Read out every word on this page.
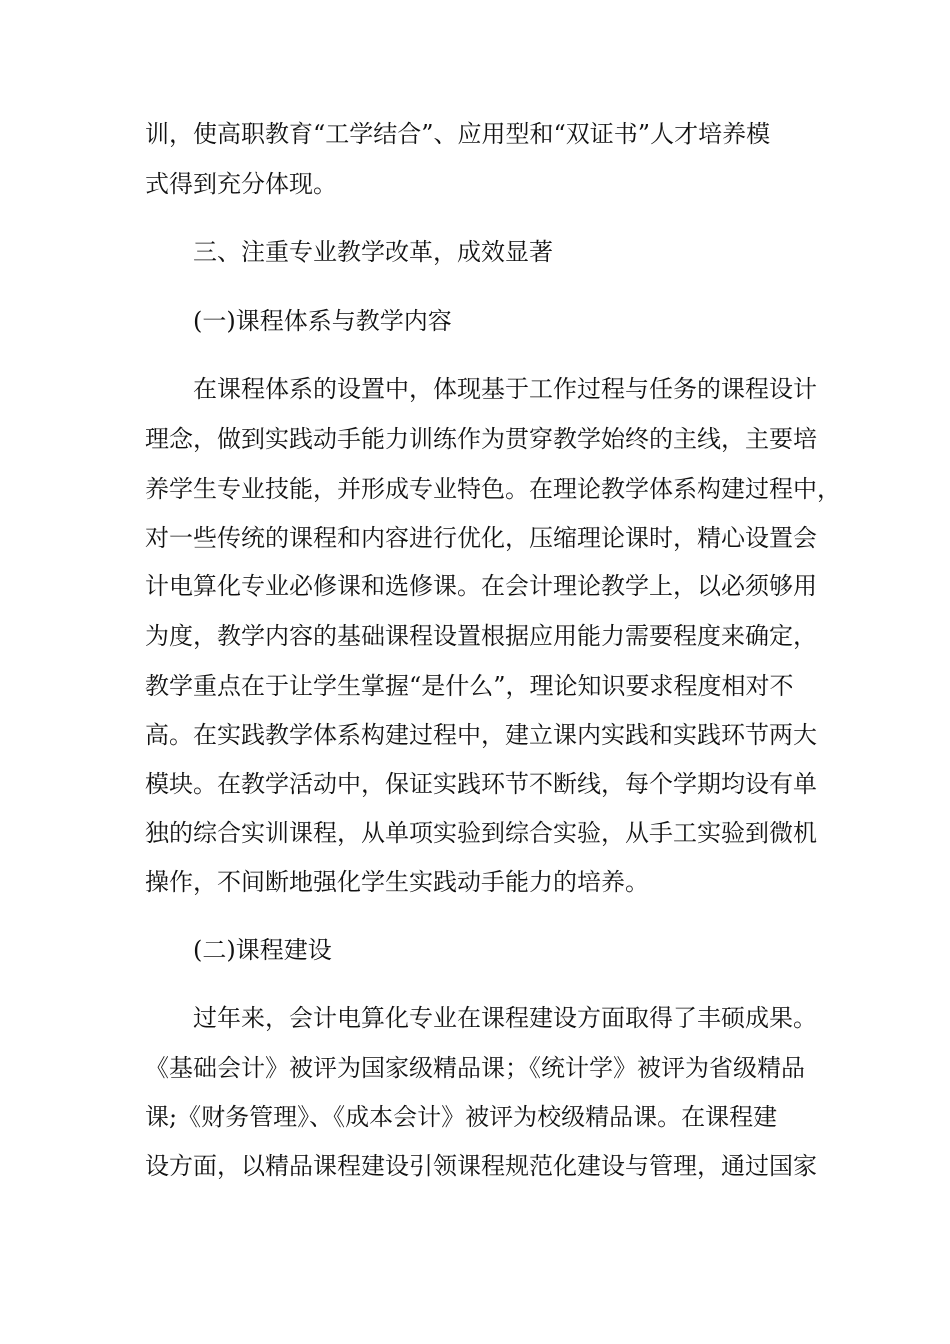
训，使高职教育“工学结合”、应用型和“双证书”人才培养模
式得到充分体现。
三、注重专业教学改革，成效显著
(一)课程体系与教学内容
在课程体系的设置中，体现基于工作过程与任务的课程设计
理念，做到实践动手能力训练作为贯穿教学始终的主线，主要培
养学生专业技能，并形成专业特色。在理论教学体系构建过程中，
对一些传统的课程和内容进行优化，压缩理论课时，精心设置会
计电算化专业必修课和选修课。在会计理论教学上，以必须够用
为度，教学内容的基础课程设置根据应用能力需要程度来确定，
教学重点在于让学生掌握“是什么”，理论知识要求程度相对不
高。在实践教学体系构建过程中，建立课内实践和实践环节两大
模块。在教学活动中，保证实践环节不断线，每个学期均设有单
独的综合实训课程，从单项实验到综合实验，从手工实验到微机
操作，不间断地强化学生实践动手能力的培养。
(二)课程建设
过年来，会计电算化专业在课程建设方面取得了丰硕成果。
《基础会计》被评为国家级精品课；《统计学》被评为省级精品
课;《财务管理》、《成本会计》被评为校级精品课。在课程建
设方面，以精品课程建设引领课程规范化建设与管理，通过国家
